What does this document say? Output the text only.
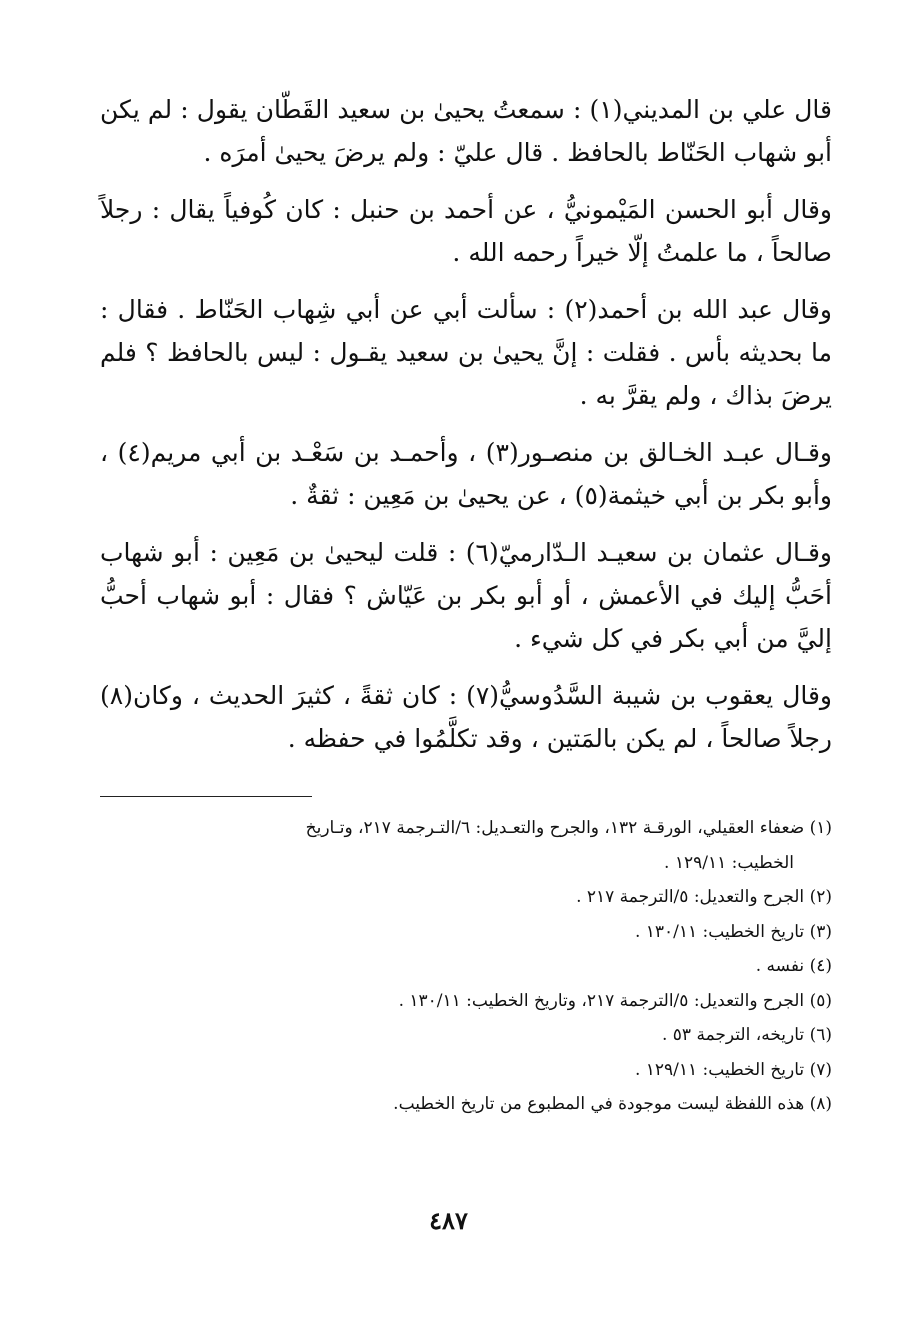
قال علي بن المديني(١) : سمعتُ يحيىٰ بن سعيد القَطّان يقول : لم يكن أبو شهاب الحَنّاط بالحافظ . قال عليّ : ولم يرضَ يحيىٰ أمرَه .

وقال أبو الحسن المَيْمونيُّ ، عن أحمد بن حنبل : كان كُوفياً يقال : رجلاً صالحاً ، ما علمتُ إلّا خيراً رحمه الله .

وقال عبد الله بن أحمد(٢) : سألت أبي عن أبي شِهاب الحَنّاط . فقال : ما بحديثه بأس . فقلت : إنَّ يحيىٰ بن سعيد يقـول : ليس بالحافظ ؟ فلم يرضَ بذاك ، ولم يقرَّ به .

وقـال عبـد الخـالق بن منصـور(٣) ، وأحمـد بن سَعْـد بن أبي مريم(٤) ، وأبو بكر بن أبي خيثمة(٥) ، عن يحيىٰ بن مَعِين : ثقةٌ .

وقـال عثمان بن سعيـد الـدّارميّ(٦) : قلت ليحيىٰ بن مَعِين : أبو شهاب أحَبُّ إليك في الأعمش ، أو أبو بكر بن عَيّاش ؟ فقال : أبو شهاب أحبُّ إليَّ من أبي بكر في كل شيء .

وقال يعقوب بن شيبة السَّدُوسيُّ(٧) : كان ثقةً ، كثيرَ الحديث ، وكان(٨) رجلاً صالحاً ، لم يكن بالمَتين ، وقد تكلَّمُوا في حفظه .

(١) ضعفاء العقيلي، الورقـة ١٣٢، والجرح والتعـديل: ٦/التـرجمة ٢١٧، وتـاريخ

الخطيب: ١٢٩/١١ .

(٢) الجرح والتعديل: ٥/الترجمة ٢١٧ .

(٣) تاريخ الخطيب: ١٣٠/١١ .

(٤) نفسه .

(٥) الجرح والتعديل: ٥/الترجمة ٢١٧، وتاريخ الخطيب: ١٣٠/١١ .

(٦) تاريخه، الترجمة ٥٣ .

(٧) تاريخ الخطيب: ١٢٩/١١ .

(٨) هذه اللفظة ليست موجودة في المطبوع من تاريخ الخطيب.

٤٨٧
